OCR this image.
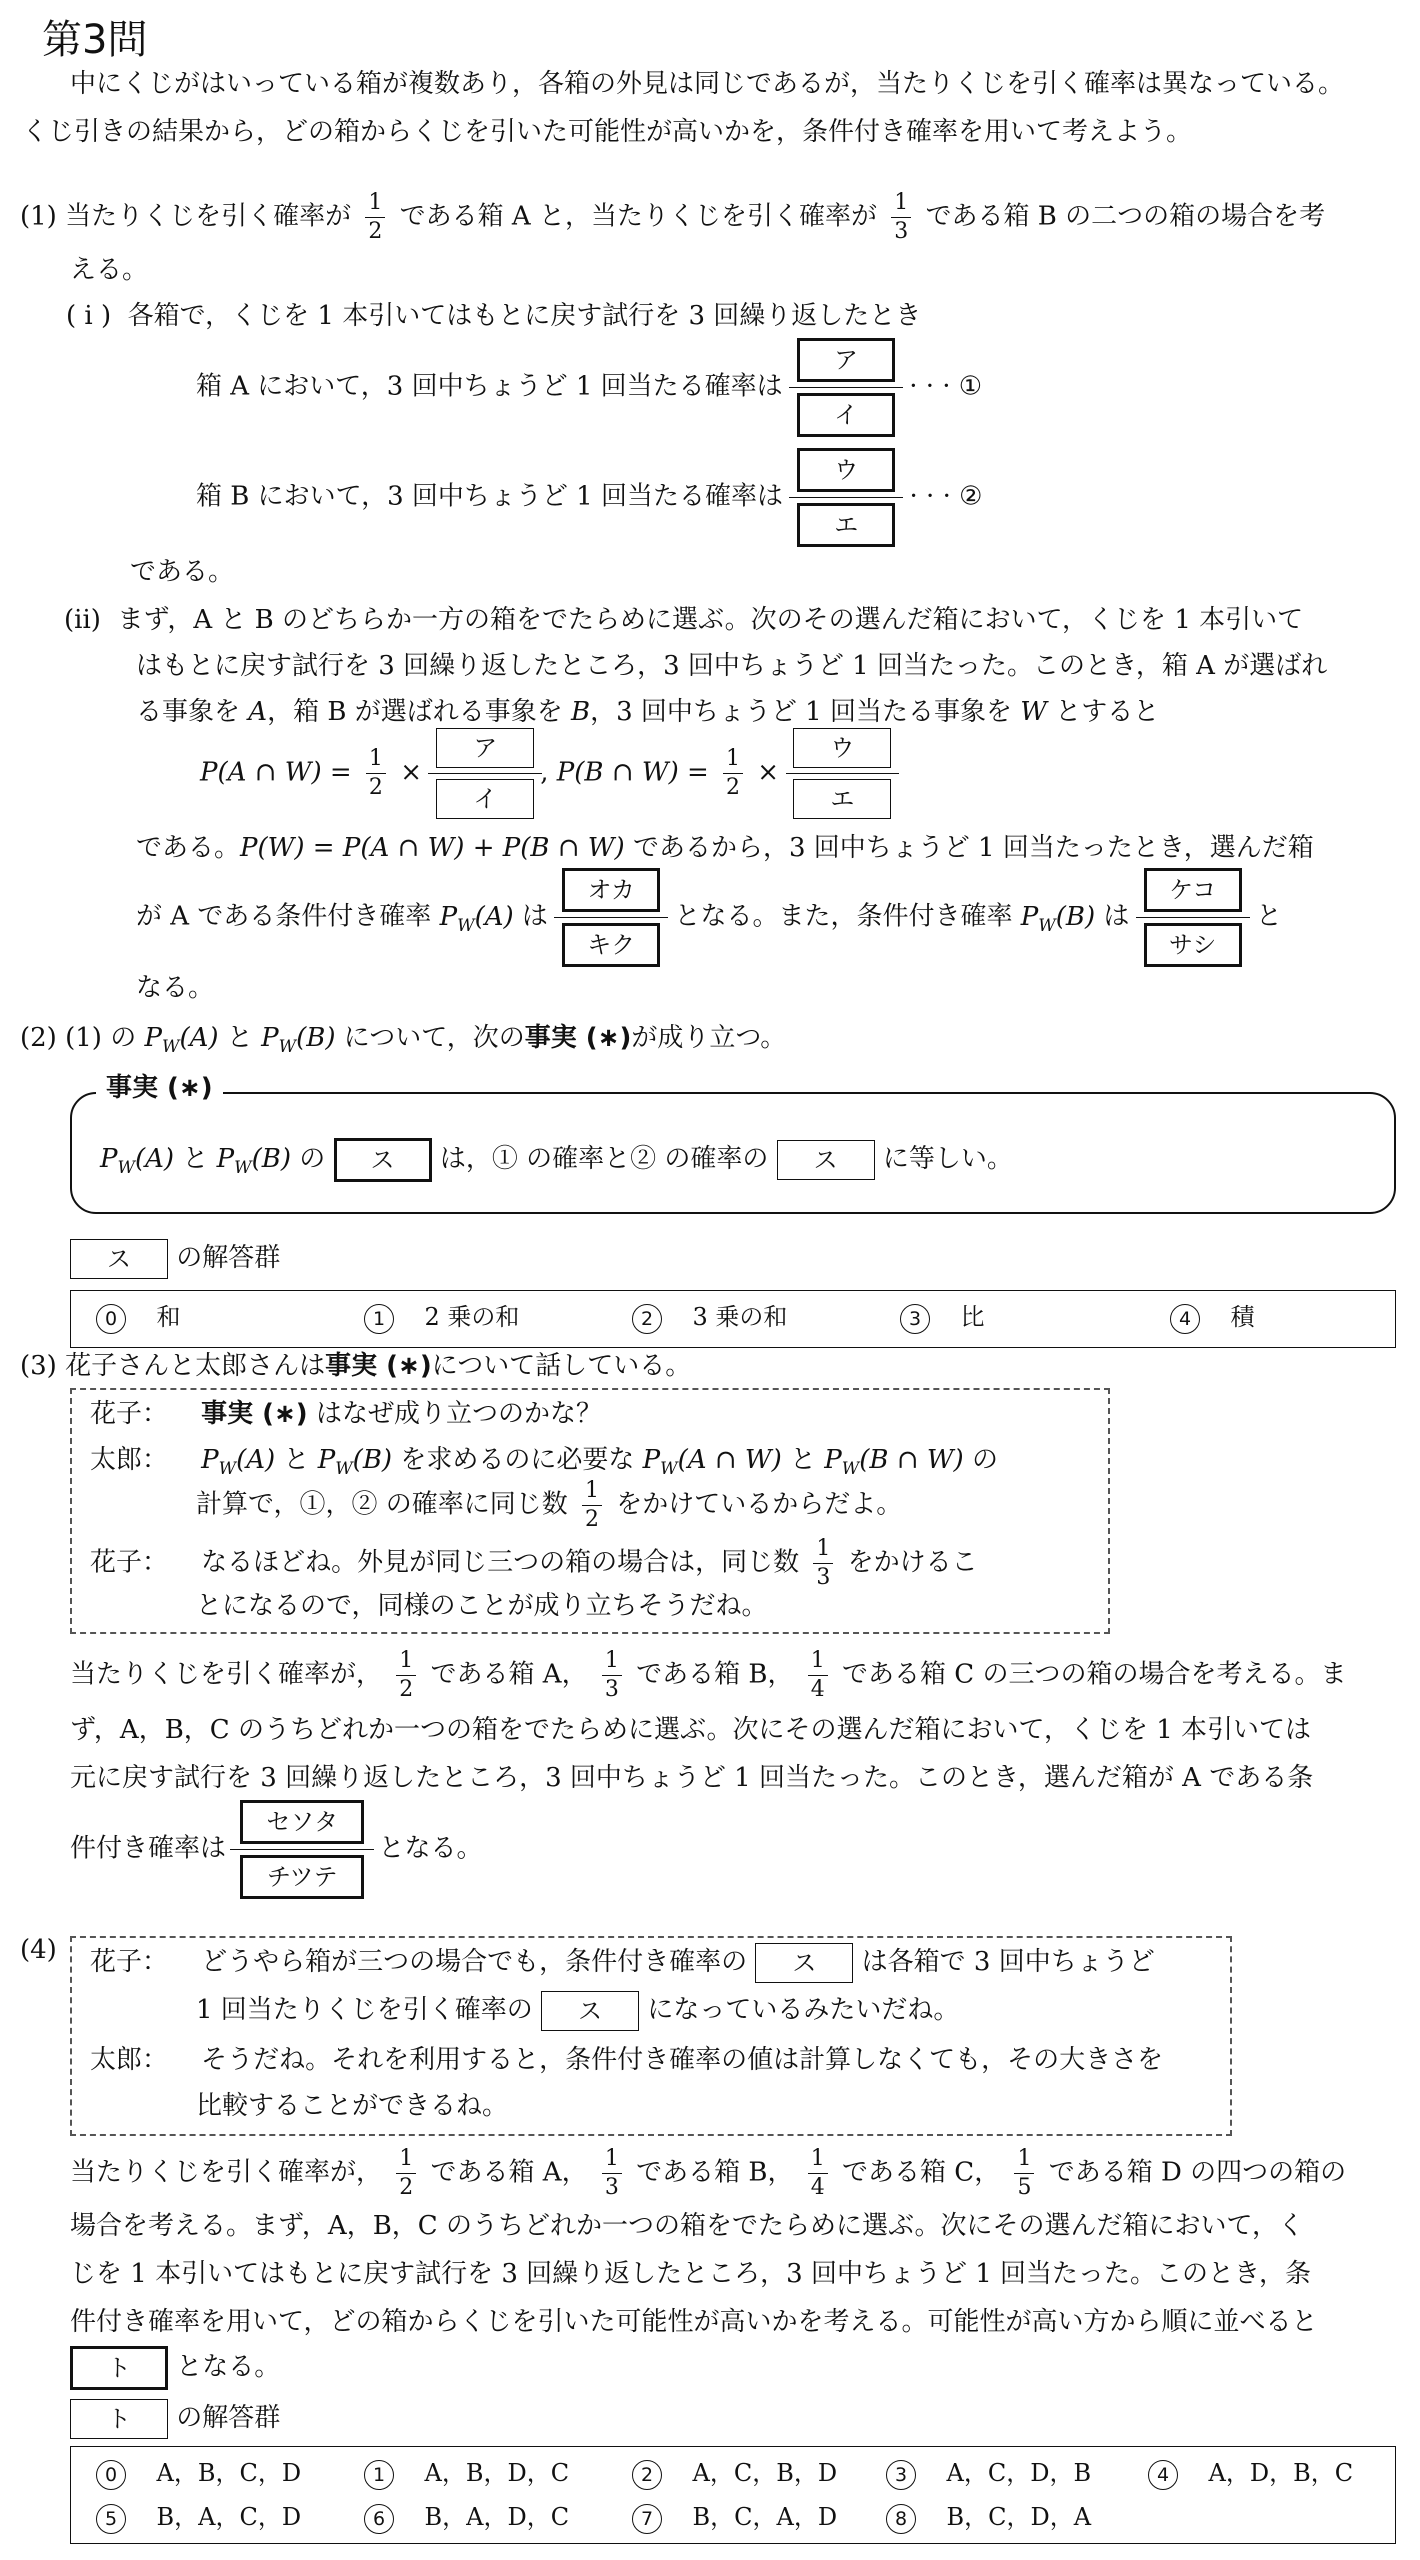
第3問
中にくじがはいっている箱が複数あり，各箱の外見は同じであるが，当たりくじを引く確率は異なっている。
くじ引きの結果から，どの箱からくじを引いた可能性が高いかを，条件付き確率を用いて考えよう。
(1) 当たりくじを引く確率が $\frac{1}{2}$ である箱 A と，当たりくじを引く確率が $\frac{1}{3}$ である箱 B の二つの箱の場合を考
える。
( i ) 各箱で，くじを 1 本引いてはもとに戻す試行を 3 回繰り返したとき
箱 A において，3 回中ちょうど 1 回当たる確率は
ア
イ
· · · ①
箱 B において，3 回中ちょうど 1 回当たる確率は
ウ
エ
· · · ②
である。
(ii) まず，A と B のどちらか一方の箱をでたらめに選ぶ。次のその選んだ箱において，くじを 1 本引いて
はもとに戻す試行を 3 回繰り返したところ，3 回中ちょうど 1 回当たった。このとき，箱 A が選ばれ
る事象を A，箱 B が選ばれる事象を B，3 回中ちょうど 1 回当たる事象を W とすると
P(A ∩ $W) = \frac{1}{2}$ ×
ア
イ
, P(B ∩ $W) = \frac{1}{2}$ ×
ウ
エ
である。P(W) = P(A ∩ W) + P(B ∩ W) であるから，3 回中ちょうど 1 回当たったとき，選んだ箱
が A である条件付き確率 $P_W(A)$ は
オカ
キク
となる。また，条件付き確率 $P_W(B)$ は
ケコ
サシ
と
なる。
(2) (1) の $P_W(A)$ と $P_W(B)$ について，次の事実 (∗)が成り立つ。
事実 (∗)
$P_W(A)$ と $P_W(B)$ の ス は，① の確率と② の確率の ス に等しい。
ス の解答群
0 和	1 2 乗の和	2 3 乗の和	3 比	4 積
(3) 花子さんと太郎さんは事実 (∗)について話している。
花子： 事実 (∗) はなぜ成り立つのかな？
太郎： $P_W(A)$ と $P_W(B)$ を求めるのに必要な $P_W(A$ ∩ W) と $P_W(B$ ∩ W) の
計算で，①，② の確率に同じ数 $\frac{1}{2}$ をかけているからだよ。
花子： なるほどね。外見が同じ三つの箱の場合は，同じ数 $\frac{1}{3}$ をかけるこ
とになるので，同様のことが成り立ちそうだね。
当たりくじを引く確率が， $\frac{1}{2}$ である箱 A， $\frac{1}{3}$ である箱 B， $\frac{1}{4}$ である箱 C の三つの箱の場合を考える。ま
ず，A，B，C のうちどれか一つの箱をでたらめに選ぶ。次にその選んだ箱において，くじを 1 本引いては
元に戻す試行を 3 回繰り返したところ，3 回中ちょうど 1 回当たった。このとき，選んだ箱が A である条
件付き確率は
セソタ
チツテ
となる。
(4) 花子： どうやら箱が三つの場合でも，条件付き確率の ス は各箱で 3 回中ちょうど
1 回当たりくじを引く確率の ス になっているみたいだね。
太郎： そうだね。それを利用すると，条件付き確率の値は計算しなくても，その大きさを
比較することができるね。
当たりくじを引く確率が， $\frac{1}{2}$ である箱 A， $\frac{1}{3}$ である箱 B， $\frac{1}{4}$ である箱 C， $\frac{1}{5}$ である箱 D の四つの箱の
場合を考える。まず，A，B，C のうちどれか一つの箱をでたらめに選ぶ。次にその選んだ箱において，く
じを 1 本引いてはもとに戻す試行を 3 回繰り返したところ，3 回中ちょうど 1 回当たった。このとき，条
件付き確率を用いて，どの箱からくじを引いた可能性が高いかを考える。可能性が高い方から順に並べると
ト となる。
ト の解答群
0 A，B，C，D	1 A，B，D，C	2 A，C，B，D	3 A，C，D，B	4 A，D，B，C
5 B，A，C，D	6 B，A，D，C	7 B，C，A，D	8 B，C，D，A
